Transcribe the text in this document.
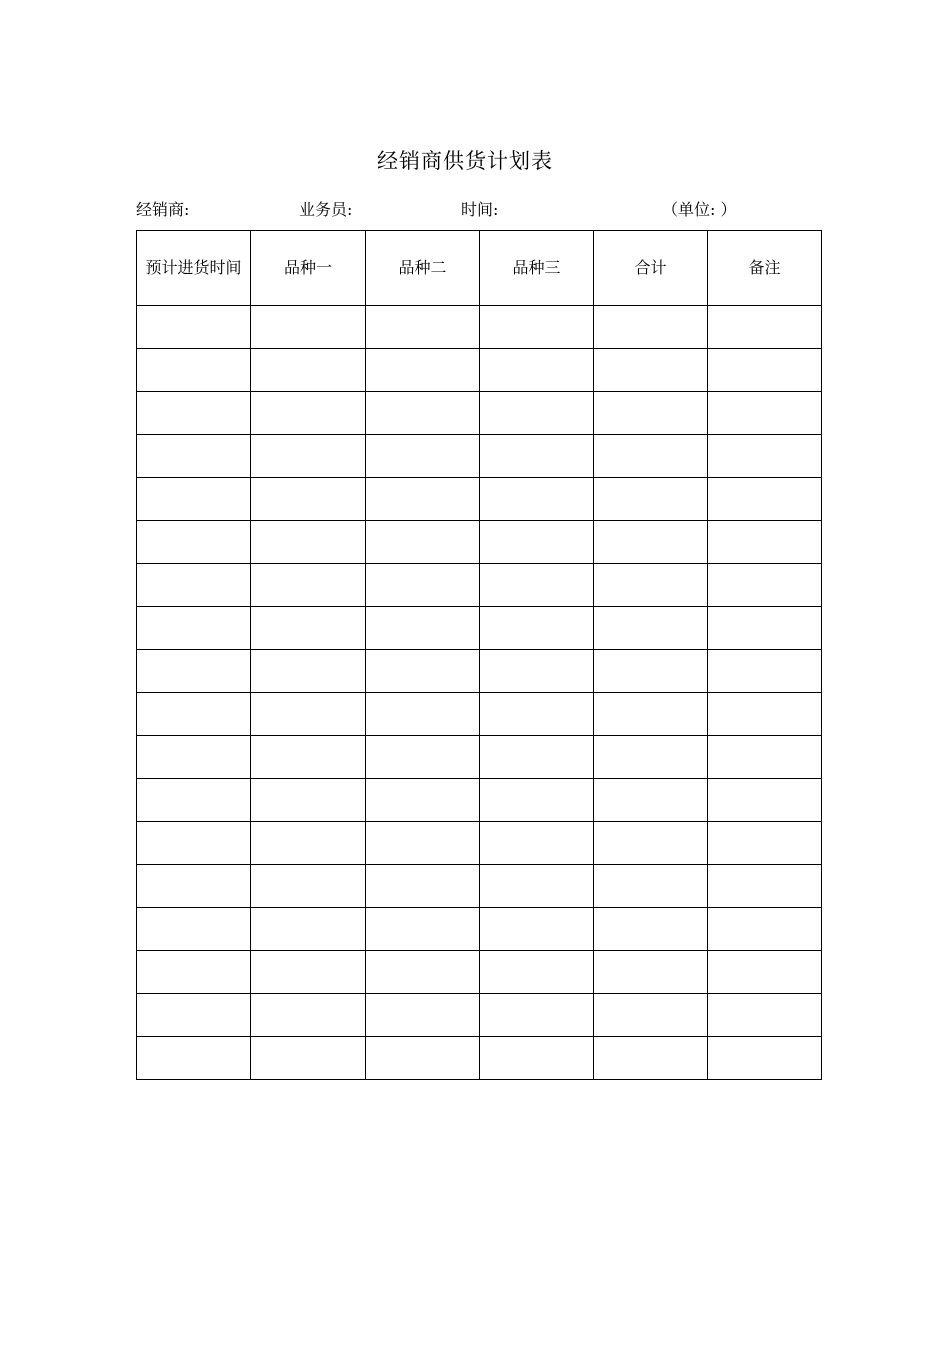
经销商供货计划表
经销商:	业务员:	时间:	（单位: ）
预计进货时间	品种一	品种二	品种三	合计	备注
